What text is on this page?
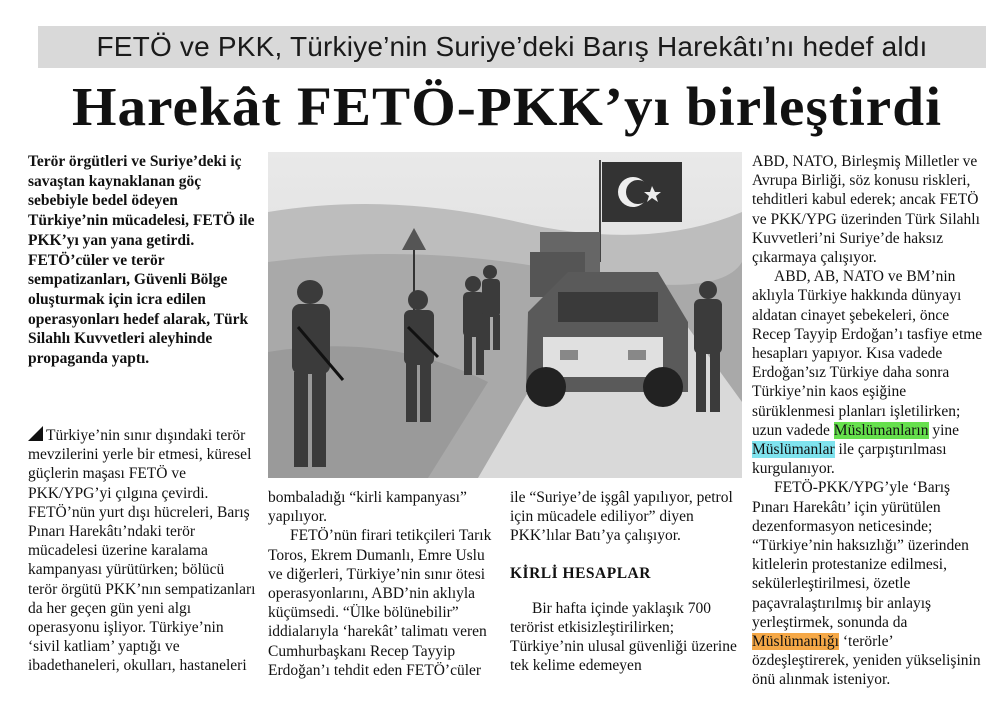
FETÖ ve PKK, Türkiye’nin Suriye’deki Barış Harekâtı’nı hedef aldı
Harekât FETÖ-PKK’yı birleştirdi
Terör örgütleri ve Suriye’deki iç savaştan kaynaklanan göç sebebiyle bedel ödeyen Türkiye’nin mücadelesi, FETÖ ile PKK’yı yan yana getirdi. FETÖ’cüler ve terör sempatizanları, Güvenli Bölge oluşturmak için icra edilen operasyonları hedef alarak, Türk Silahlı Kuvvetleri aleyhinde propaganda yaptı.

Türkiye’nin sınır dışındaki terör mevzilerini yerle bir etmesi, küresel güçlerin maşası FETÖ ve PKK/YPG’yi çılgına çevirdi. FETÖ’nün yurt dışı hücreleri, Barış Pınarı Harekâtı’ndaki terör mücadelesi üzerine karalama kampanyası yürütürken; bölücü terör örgütü PKK’nın sempatizanları da her geçen gün yeni algı operasyonu işliyor. Türkiye’nin ‘sivil katliam’ yaptığı ve ibadethaneleri, okulları, hastaneleri

bombaladığı “kirli kampanyası” yapılıyor.

FETÖ’nün firari tetikçileri Tarık Toros, Ekrem Dumanlı, Emre Uslu ve diğerleri, Türkiye’nin sınır ötesi operasyonlarını, ABD’nin aklıyla küçümsedi. “Ülke bölünebilir” iddialarıyla ‘harekât’ talimatı veren Cumhurbaşkanı Recep Tayyip Erdoğan’ı tehdit eden FETÖ’cüler

ile “Suriye’de işgâl yapılıyor, petrol için mücadele ediliyor” diyen PKK’lılar Batı’ya çalışıyor.

KİRLİ HESAPLAR

Bir hafta içinde yaklaşık 700 terörist etkisizleştirilirken; Türkiye’nin ulusal güvenliği üzerine tek kelime edemeyen

ABD, NATO, Birleşmiş Milletler ve Avrupa Birliği, söz konusu riskleri, tehditleri kabul ederek; ancak FETÖ ve PKK/YPG üzerinden Türk Silahlı Kuvvetleri’ni Suriye’de haksız çıkarmaya çalışıyor.

ABD, AB, NATO ve BM’nin aklıyla Türkiye hakkında dünyayı aldatan cinayet şebekeleri, önce Recep Tayyip Erdoğan’ı tasfiye etme hesapları yapıyor. Kısa vadede Erdoğan’sız Türkiye daha sonra Türkiye’nin kaos eşiğine sürüklenmesi planları işletilirken; uzun vadede Müslümanların yine Müslümanlar ile çarpıştırılması kurgulanıyor.

FETÖ-PKK/YPG’yle ‘Barış Pınarı Harekâtı’ için yürütülen dezenformasyon neticesinde; “Türkiye’nin haksızlığı” üzerinden kitlelerin protestanize edilmesi, sekülerleştirilmesi, özetle paçavralaştırılmış bir anlayış yerleştirmek, sonunda da Müslümanlığı ‘terörle’ özdeşleştirerek, yeniden yükselişinin önü alınmak isteniyor.
